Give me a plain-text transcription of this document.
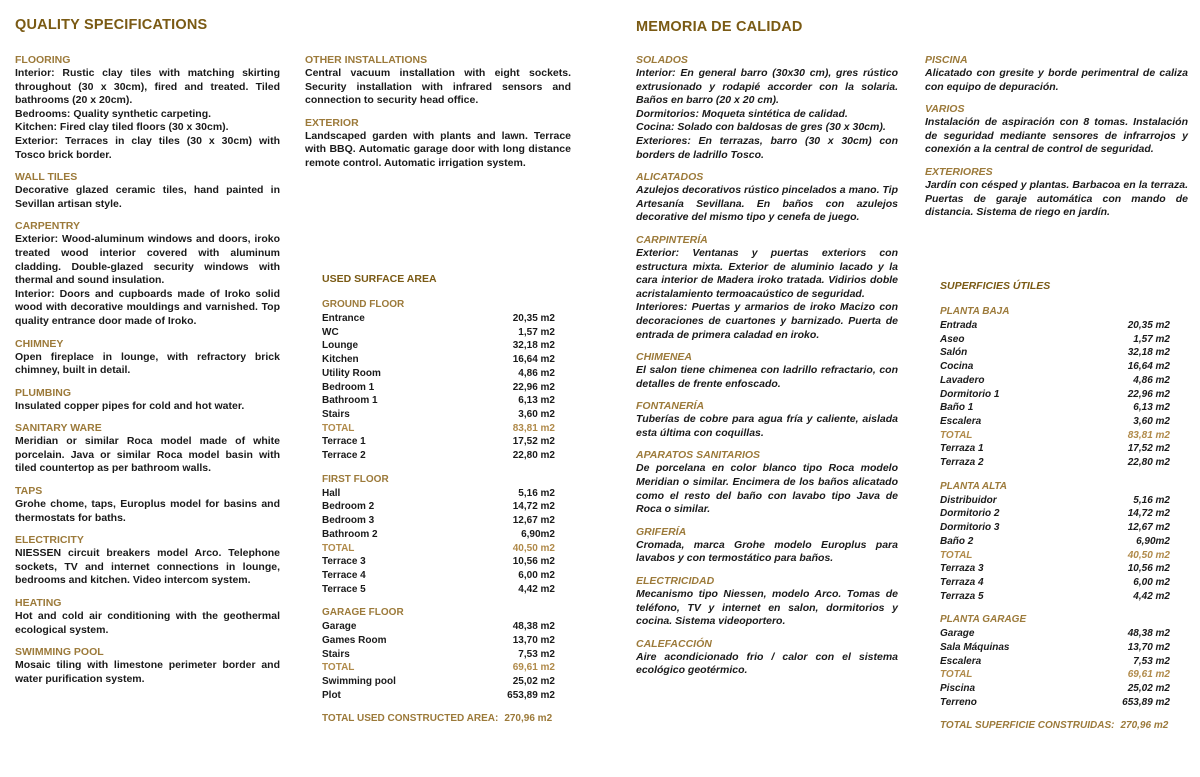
QUALITY SPECIFICATIONS
FLOORING
Interior: Rustic clay tiles with matching skirting throughout (30 x 30cm), fired and treated. Tiled bathrooms (20 x 20cm).
Bedrooms: Quality synthetic carpeting.
Kitchen: Fired clay tiled floors (30 x 30cm).
Exterior: Terraces in clay tiles (30 x 30cm) with Tosco brick border.
WALL TILES
Decorative glazed ceramic tiles, hand painted in Sevillan artisan style.
CARPENTRY
Exterior: Wood-aluminum windows and doors, iroko treated wood interior covered with aluminum cladding. Double-glazed security windows with thermal and sound insulation.
Interior: Doors and cupboards made of Iroko solid wood with decorative mouldings and varnished. Top quality entrance door made of Iroko.
CHIMNEY
Open fireplace in lounge, with refractory brick chimney, built in detail.
PLUMBING
Insulated copper pipes for cold and hot water.
SANITARY WARE
Meridian or similar Roca model made of white porcelain. Java or similar Roca model basin with tiled countertop as per bathroom walls.
TAPS
Grohe chome, taps, Europlus model for basins and thermostats for baths.
ELECTRICITY
NIESSEN circuit breakers model Arco. Telephone sockets, TV and internet connections in lounge, bedrooms and kitchen. Video intercom system.
HEATING
Hot and cold air conditioning with the geothermal ecological system.
SWIMMING POOL
Mosaic tiling with limestone perimeter border and water purification system.
OTHER INSTALLATIONS
Central vacuum installation with eight sockets. Security installation with infrared sensors and connection to security head office.
EXTERIOR
Landscaped garden with plants and lawn. Terrace with BBQ. Automatic garage door with long distance remote control. Automatic irrigation system.
USED SURFACE AREA
GROUND FLOOR
Entrance	20,35 m2
WC	1,57 m2
Lounge	32,18 m2
Kitchen	16,64 m2
Utility Room	4,86 m2
Bedroom 1	22,96 m2
Bathroom 1	6,13 m2
Stairs	3,60 m2
TOTAL	83,81 m2
Terrace 1	17,52 m2
Terrace 2	22,80 m2
FIRST FLOOR
Hall	5,16 m2
Bedroom 2	14,72 m2
Bedroom 3	12,67 m2
Bathroom 2	6,90m2
TOTAL	40,50 m2
Terrace 3	10,56 m2
Terrace 4	6,00 m2
Terrace 5	4,42 m2
GARAGE FLOOR
Garage	48,38 m2
Games Room	13,70 m2
Stairs	7,53 m2
TOTAL	69,61 m2
Swimming pool	25,02 m2
Plot	653,89 m2
TOTAL USED CONSTRUCTED AREA: 270,96 m2
MEMORIA DE CALIDAD
SOLADOS
Interior: En general barro (30x30 cm), gres rústico extrusionado y rodapié accorder con la solaria. Baños en barro (20 x 20 cm).
Dormitorios: Moqueta sintética de calidad.
Cocina: Solado con baldosas de gres (30 x 30cm).
Exteriores: En terrazas, barro (30 x 30cm) con borders de ladrillo Tosco.
ALICATADOS
Azulejos decorativos rústico pincelados a mano. Tip Artesanía Sevillana. En baños con azulejos decorative del mismo tipo y cenefa de juego.
CARPINTERÍA
Exterior: Ventanas y puertas exteriors con estructura mixta. Exterior de aluminio lacado y la cara interior de Madera iroko tratada. Vidirios doble acristalamiento termoacaústico de seguridad.
Interiores: Puertas y armarios de iroko Macizo con decoraciones de cuartones y barnizado. Puerta de entrada de primera caladad en iroko.
CHIMENEA
El salon tiene chimenea con ladrillo refractario, con detalles de frente enfoscado.
FONTANERÍA
Tuberías de cobre para agua fría y caliente, aislada esta última con coquillas.
APARATOS SANITARIOS
De porcelana en color blanco tipo Roca modelo Meridian o similar. Encimera de los baños alicatado como el resto del baño con lavabo tipo Java de Roca o similar.
GRIFERÍA
Cromada, marca Grohe modelo Europlus para lavabos y con termostático para baños.
ELECTRICIDAD
Mecanismo tipo Niessen, modelo Arco. Tomas de teléfono, TV y internet en salon, dormitorios y cocina. Sistema videoportero.
CALEFACCIÓN
Aire acondicionado frio / calor con el sistema ecológico geotérmico.
PISCINA
Alicatado con gresite y borde perimentral de caliza con equipo de depuración.
VARIOS
Instalación de aspiración con 8 tomas. Instalación de seguridad mediante sensores de infrarrojos y conexión a la central de control de seguridad.
EXTERIORES
Jardín con césped y plantas. Barbacoa en la terraza. Puertas de garaje automática con mando de distancia. Sistema de riego en jardín.
SUPERFICIES ÚTILES
PLANTA BAJA
Entrada	20,35 m2
Aseo	1,57 m2
Salón	32,18 m2
Cocina	16,64 m2
Lavadero	4,86 m2
Dormitorio 1	22,96 m2
Baño 1	6,13 m2
Escalera	3,60 m2
TOTAL	83,81 m2
Terraza 1	17,52 m2
Terraza 2	22,80 m2
PLANTA ALTA
Distribuidor	5,16 m2
Dormitorio 2	14,72 m2
Dormitorio 3	12,67 m2
Baño 2	6,90m2
TOTAL	40,50 m2
Terraza 3	10,56 m2
Terraza 4	6,00 m2
Terraza 5	4,42 m2
PLANTA GARAGE
Garage	48,38 m2
Sala Máquinas	13,70 m2
Escalera	7,53 m2
TOTAL	69,61 m2
Piscina	25,02 m2
Terreno	653,89 m2
TOTAL SUPERFICIE CONSTRUIDAS: 270,96 m2
